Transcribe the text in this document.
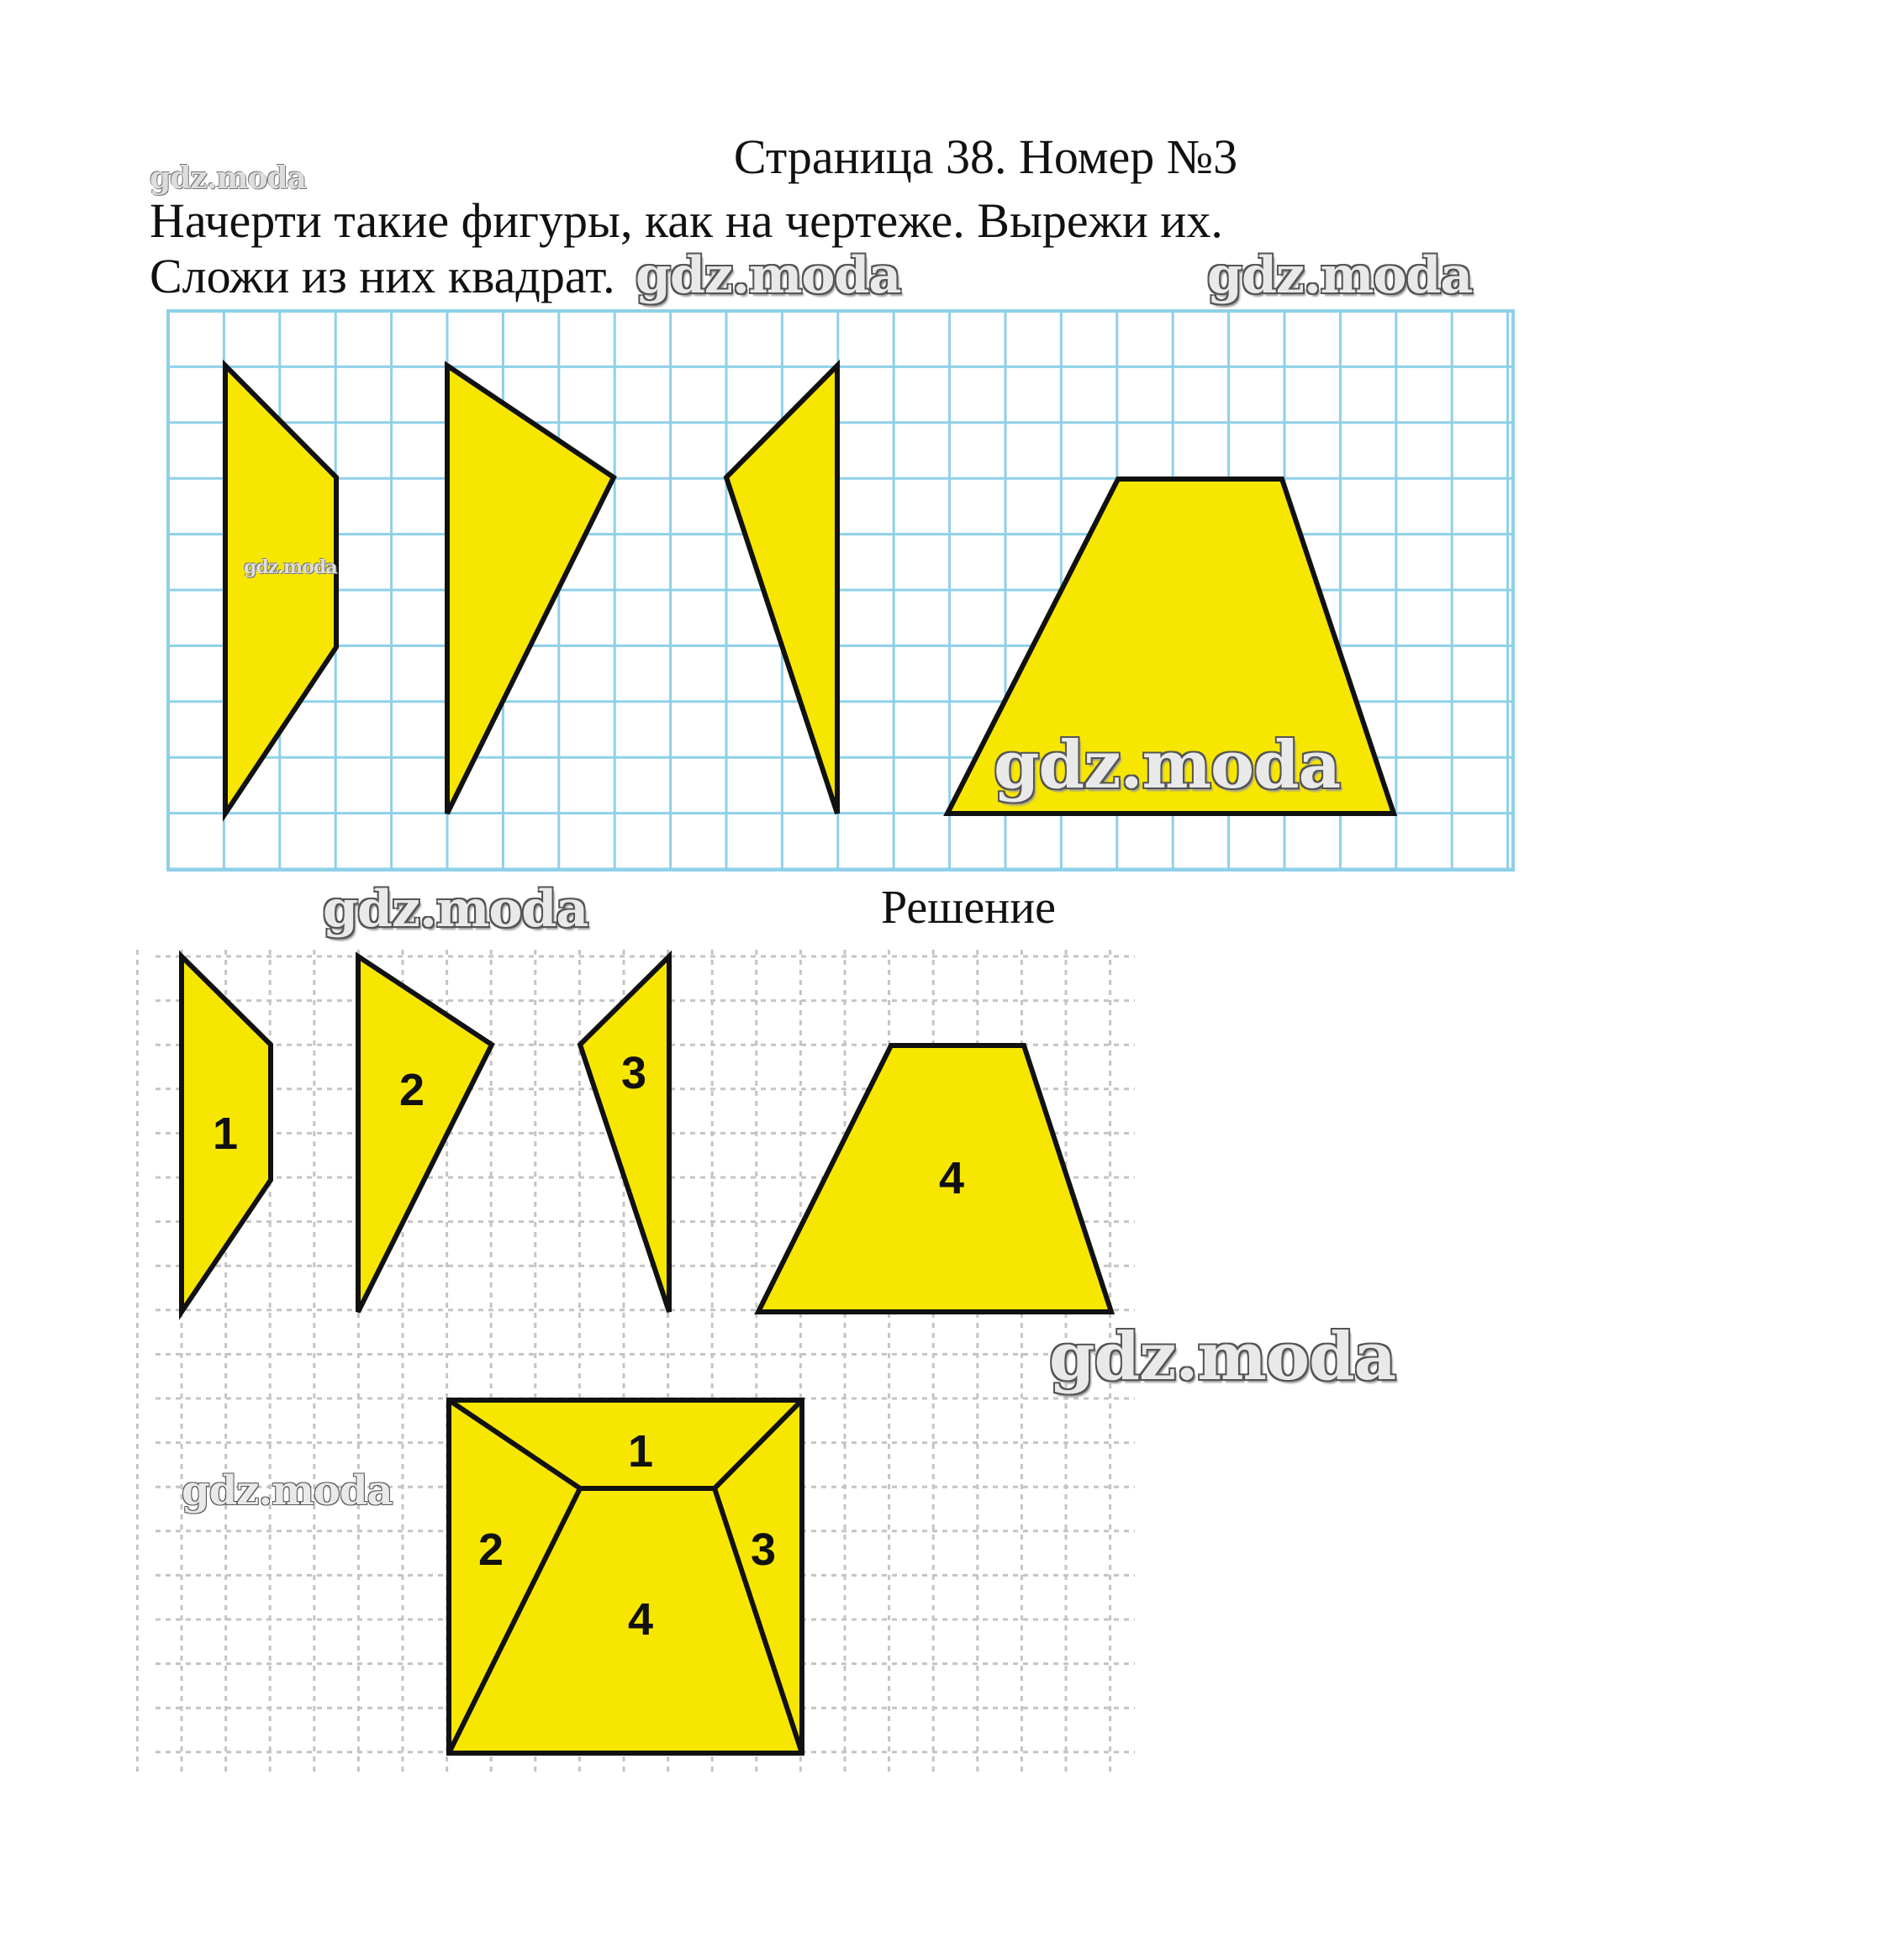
Страница 38. Номер №3
Начерти такие фигуры, как на чертеже. Вырежи их.
Сложи из них квадрат.
1
2	3
4
1
2	3
4
Решение
gdz.moda
gdz.moda	gdz.moda
gdz.moda
gdz.moda
gdz.moda
gdz.moda
gdz.moda
